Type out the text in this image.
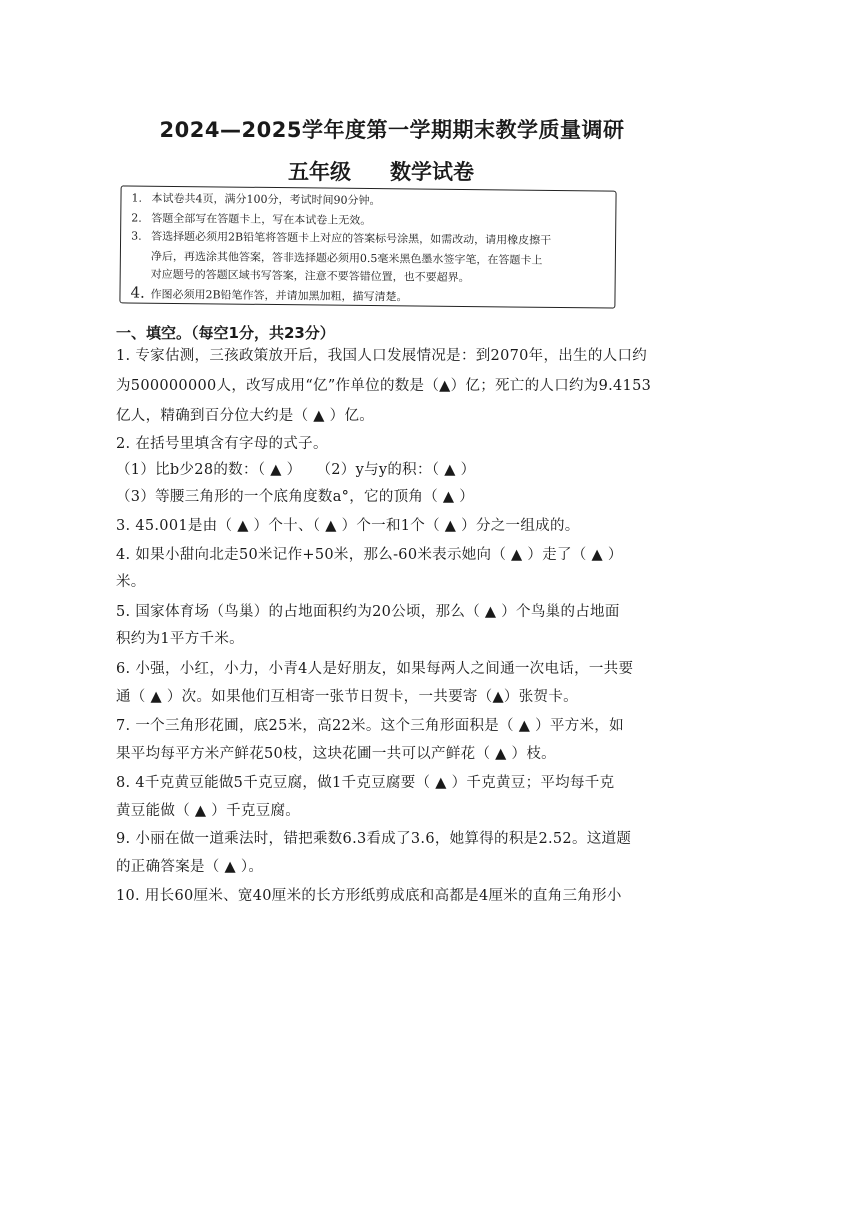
2024—2025学年度第一学期期末教学质量调研
五年级 数学试卷
1. 本试卷共4页，满分100分，考试时间90分钟。
2. 答题全部写在答题卡上，写在本试卷上无效。
3. 答选择题必须用2B铅笔将答题卡上对应的答案标号涂黑，如需改动，请用橡皮擦干
净后，再选涂其他答案，答非选择题必须用0.5毫米黑色墨水签字笔，在答题卡上
对应题号的答题区域书写答案，注意不要答错位置，也不要超界。
4. 作图必须用2B铅笔作答，并请加黑加粗，描写清楚。
一、填空。（每空1分，共23分）
1. 专家估测，三孩政策放开后，我国人口发展情况是：到2070年，出生的人口约
为500000000人，改写成用“亿”作单位的数是（▲）亿；死亡的人口约为9.4153
亿人，精确到百分位大约是（ ▲ ）亿。
2. 在括号里填含有字母的式子。
（1）比b少28的数：（ ▲ ）　　（2）y与y的积：（ ▲ ）
（3）等腰三角形的一个底角度数a°，它的顶角（ ▲ ）
3. 45.001是由（ ▲ ）个十、（ ▲ ）个一和1个（ ▲ ）分之一组成的。
4. 如果小甜向北走50米记作+50米，那么-60米表示她向（ ▲ ）走了（ ▲ ）
米。
5. 国家体育场（鸟巢）的占地面积约为20公顷，那么（ ▲ ）个鸟巢的占地面
积约为1平方千米。
6. 小强，小红，小力，小青4人是好朋友，如果每两人之间通一次电话，一共要
通（ ▲ ）次。如果他们互相寄一张节日贺卡，一共要寄（▲）张贺卡。
7. 一个三角形花圃，底25米，高22米。这个三角形面积是（ ▲ ）平方米，如
果平均每平方米产鲜花50枝，这块花圃一共可以产鲜花（ ▲ ）枝。
8. 4千克黄豆能做5千克豆腐，做1千克豆腐要（ ▲ ）千克黄豆；平均每千克
黄豆能做（ ▲ ）千克豆腐。
9. 小丽在做一道乘法时，错把乘数6.3看成了3.6，她算得的积是2.52。这道题
的正确答案是（ ▲ ）。
10. 用长60厘米、宽40厘米的长方形纸剪成底和高都是4厘米的直角三角形小
